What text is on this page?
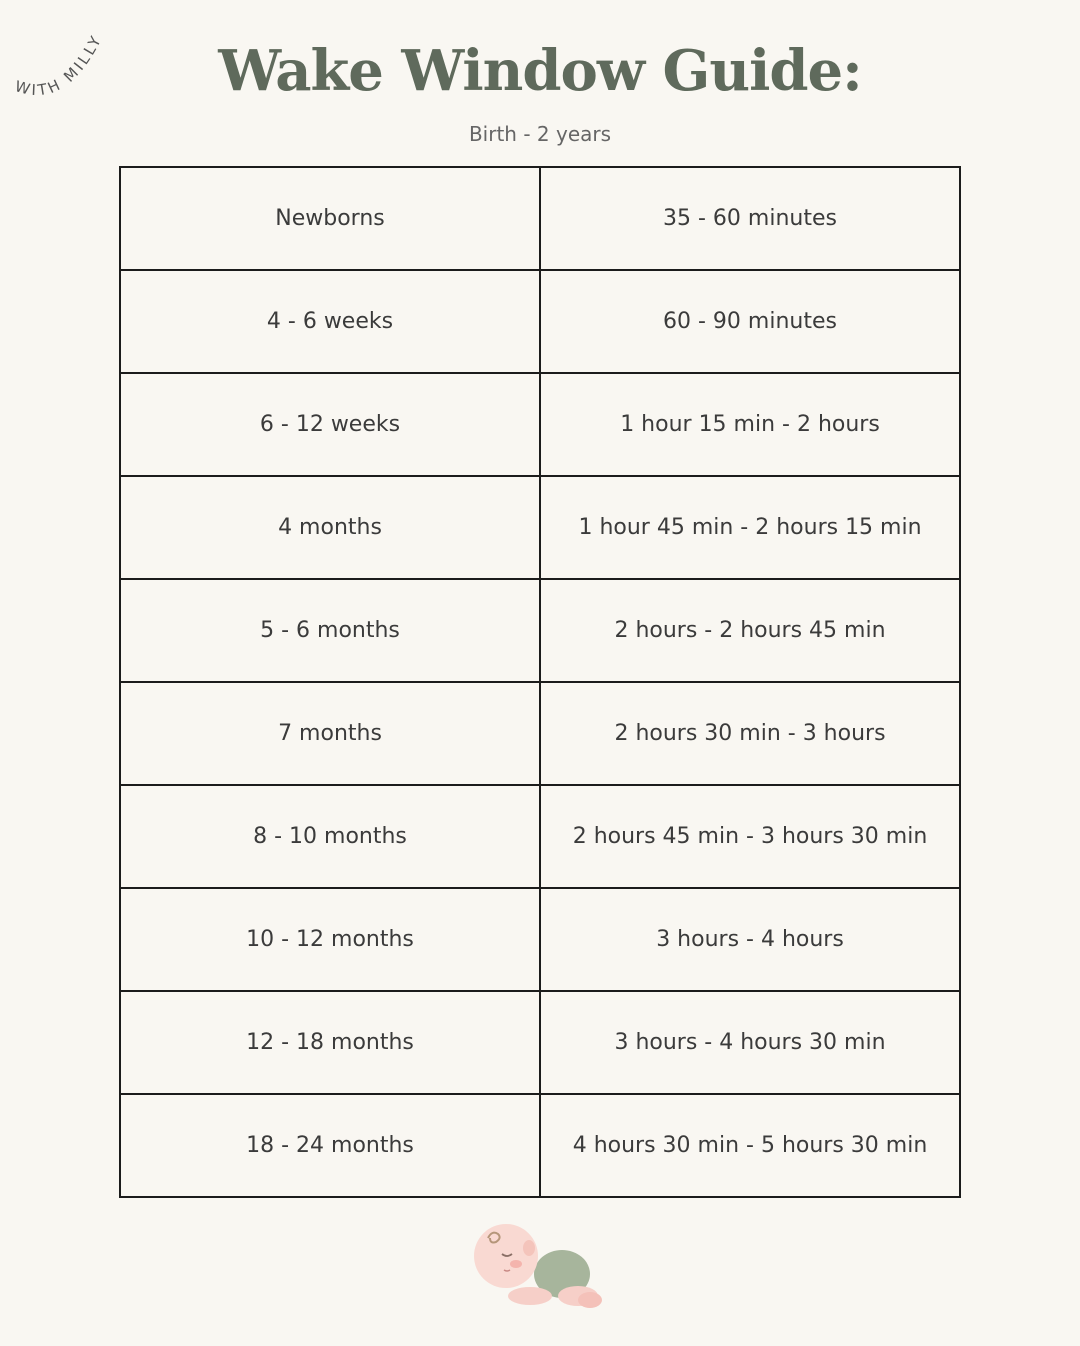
WITH MILLY	Wake Window Guide:
Birth - 2 years
Newborns	35 - 60 minutes
4 - 6 weeks	60 - 90 minutes
6 - 12 weeks	1 hour 15 min - 2 hours
4 months	1 hour 45 min - 2 hours 15 min
5 - 6 months	2 hours - 2 hours 45 min
7 months	2 hours 30 min - 3 hours
8 - 10 months	2 hours 45 min - 3 hours 30 min
10 - 12 months	3 hours - 4 hours
12 - 18 months	3 hours - 4 hours 30 min
18 - 24 months	4 hours 30 min - 5 hours 30 min
